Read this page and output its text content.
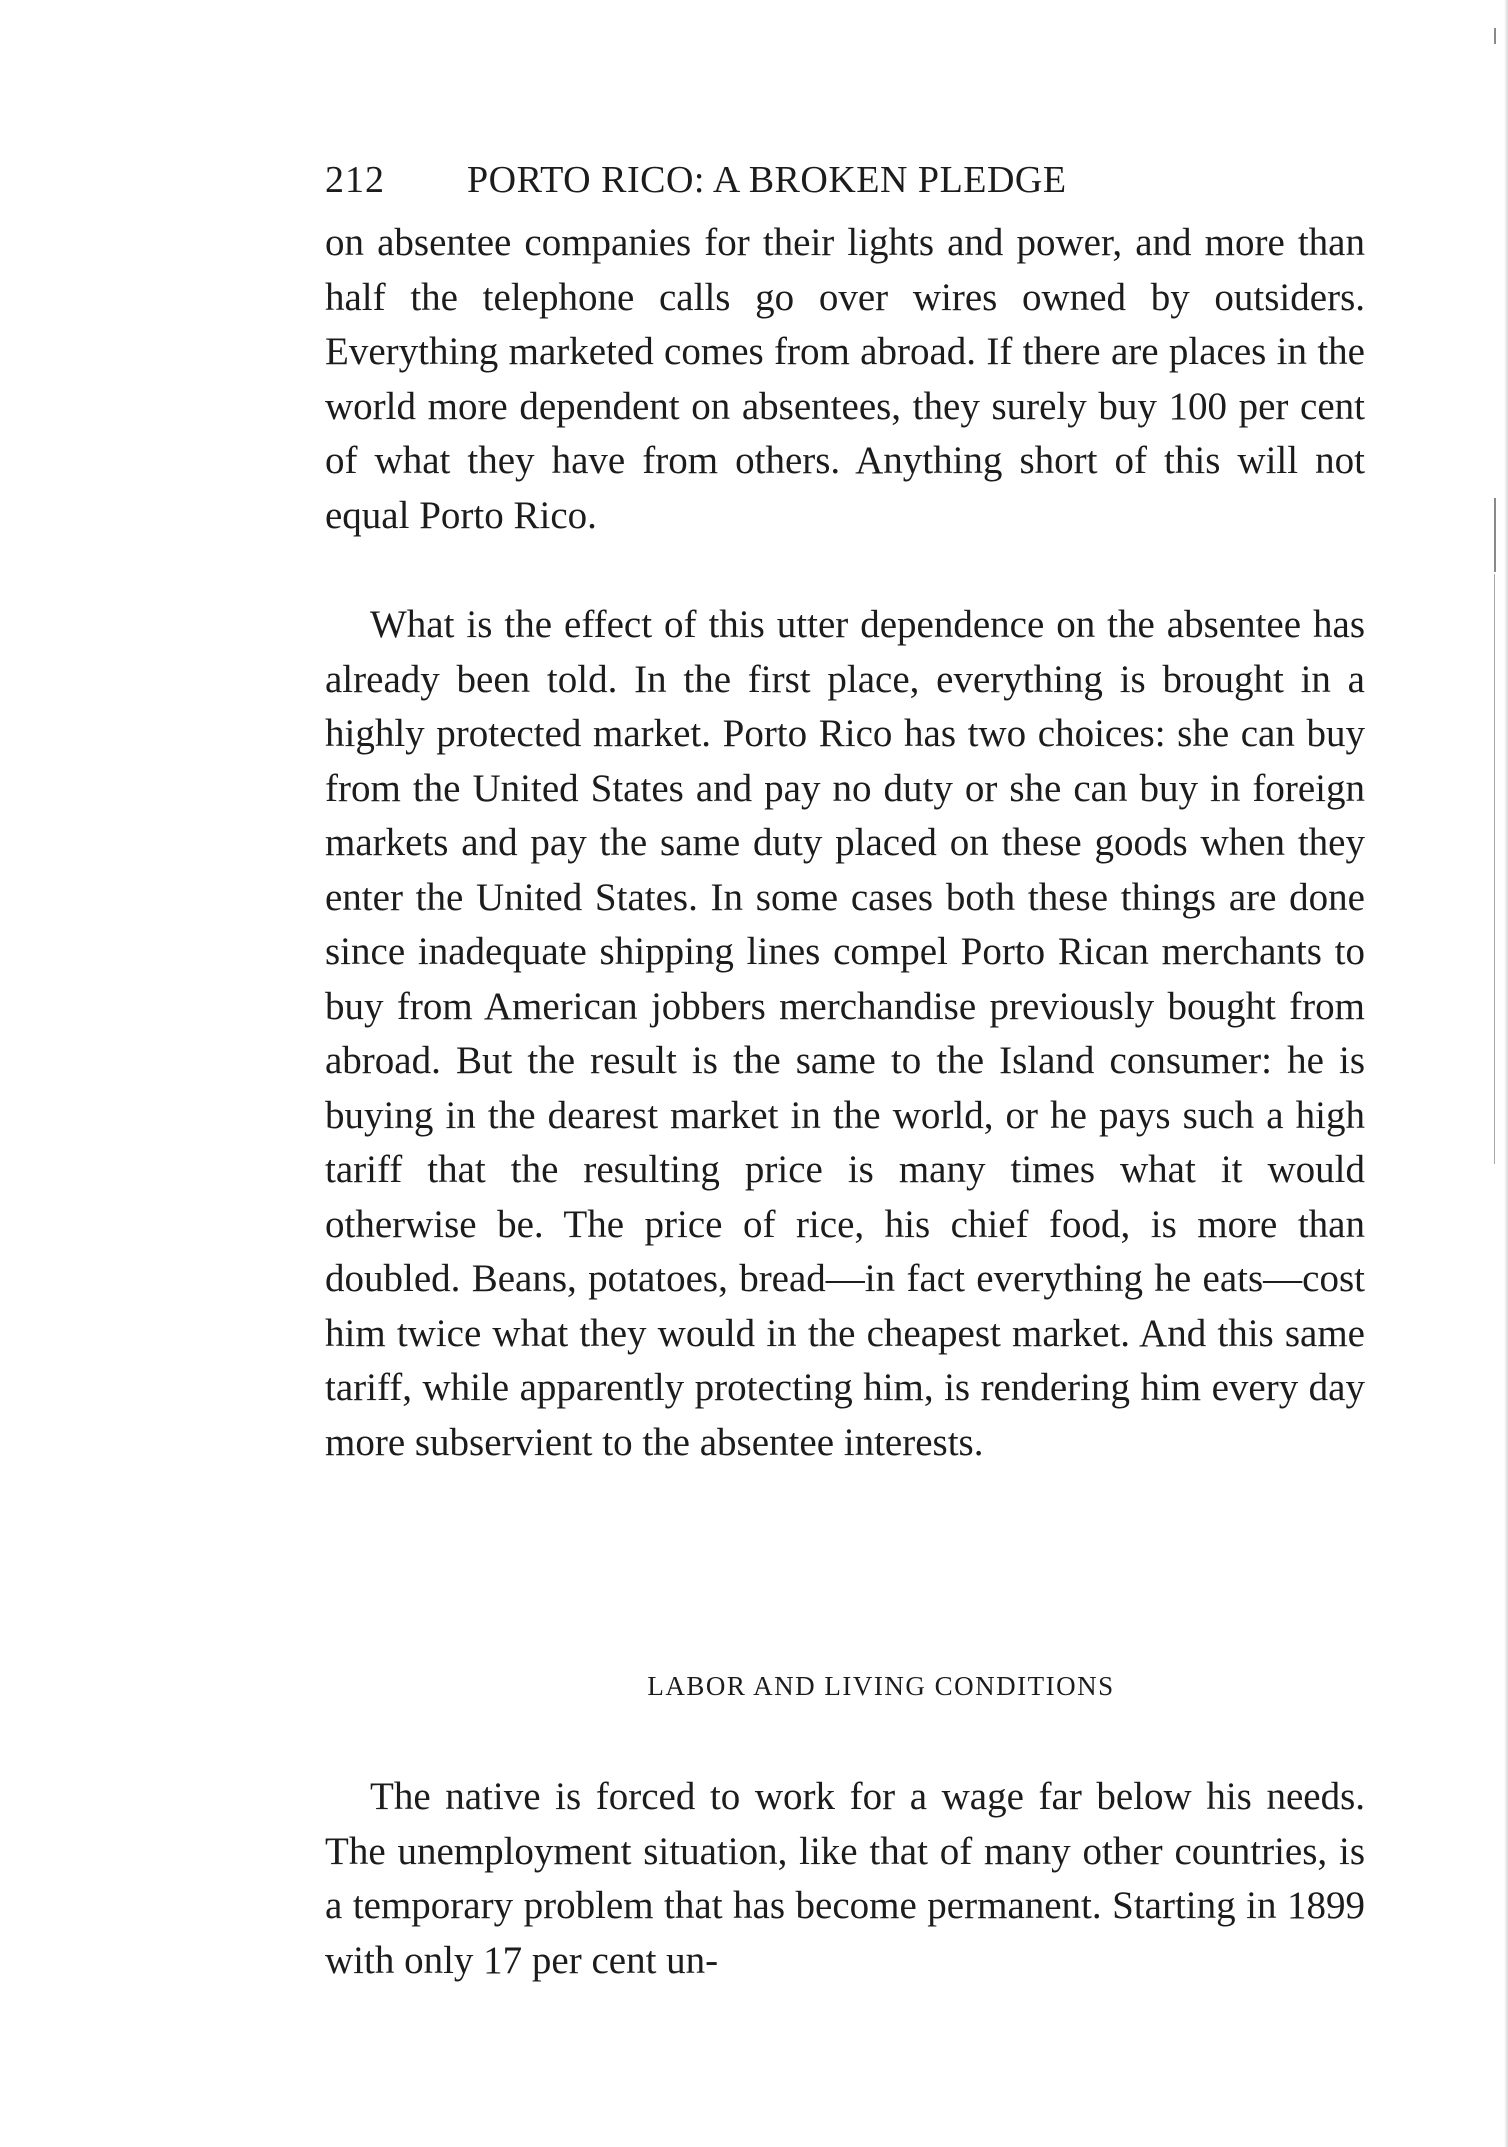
212 PORTO RICO: A BROKEN PLEDGE

on absentee companies for their lights and power, and more than half the telephone calls go over wires owned by outsiders. Everything marketed comes from abroad. If there are places in the world more dependent on absentees, they surely buy 100 per cent of what they have from others. Anything short of this will not equal Porto Rico.

What is the effect of this utter dependence on the absentee has already been told. In the first place, everything is brought in a highly protected market. Porto Rico has two choices: she can buy from the United States and pay no duty or she can buy in foreign markets and pay the same duty placed on these goods when they enter the United States. In some cases both these things are done since inadequate shipping lines compel Porto Rican merchants to buy from American jobbers merchandise previously bought from abroad. But the result is the same to the Island consumer: he is buying in the dearest market in the world, or he pays such a high tariff that the resulting price is many times what it would otherwise be. The price of rice, his chief food, is more than doubled. Beans, potatoes, bread—in fact everything he eats—cost him twice what they would in the cheapest market. And this same tariff, while apparently protecting him, is rendering him every day more subservient to the absentee interests.

LABOR AND LIVING CONDITIONS

The native is forced to work for a wage far below his needs. The unemployment situation, like that of many other countries, is a temporary problem that has become permanent. Starting in 1899 with only 17 per cent un-
